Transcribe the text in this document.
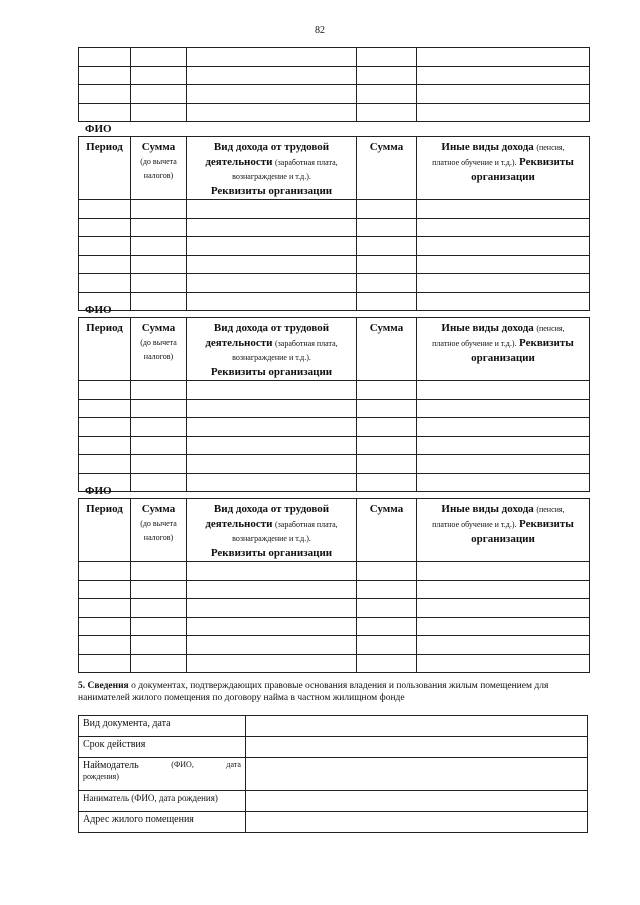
82

ФИО
Период	Сумма
(до вычета
налогов)	Вид дохода от трудовой
деятельности (заработная плата,
вознаграждение и т.д.).
Реквизиты организации	Сумма	Иные виды дохода (пенсия,
платное обучение и т.д.). Реквизиты
организации

ФИО
Период	Сумма
(до вычета
налогов)	Вид дохода от трудовой
деятельности (заработная плата,
вознаграждение и т.д.).
Реквизиты организации	Сумма	Иные виды дохода (пенсия,
платное обучение и т.д.). Реквизиты
организации

ФИО
Период	Сумма
(до вычета
налогов)	Вид дохода от трудовой
деятельности (заработная плата,
вознаграждение и т.д.).
Реквизиты организации	Сумма	Иные виды дохода (пенсия,
платное обучение и т.д.). Реквизиты
организации

5. Сведения о документах, подтверждающих правовые основания владения и пользования жилым помещением для нанимателей жилого помещения по договору найма в частном жилищном фонде
Вид документа, дата	
Срок действия	

Наймодатель (ФИО, дата
рождения)	
Наниматель (ФИО, дата рождения)	
Адрес жилого помещения	
